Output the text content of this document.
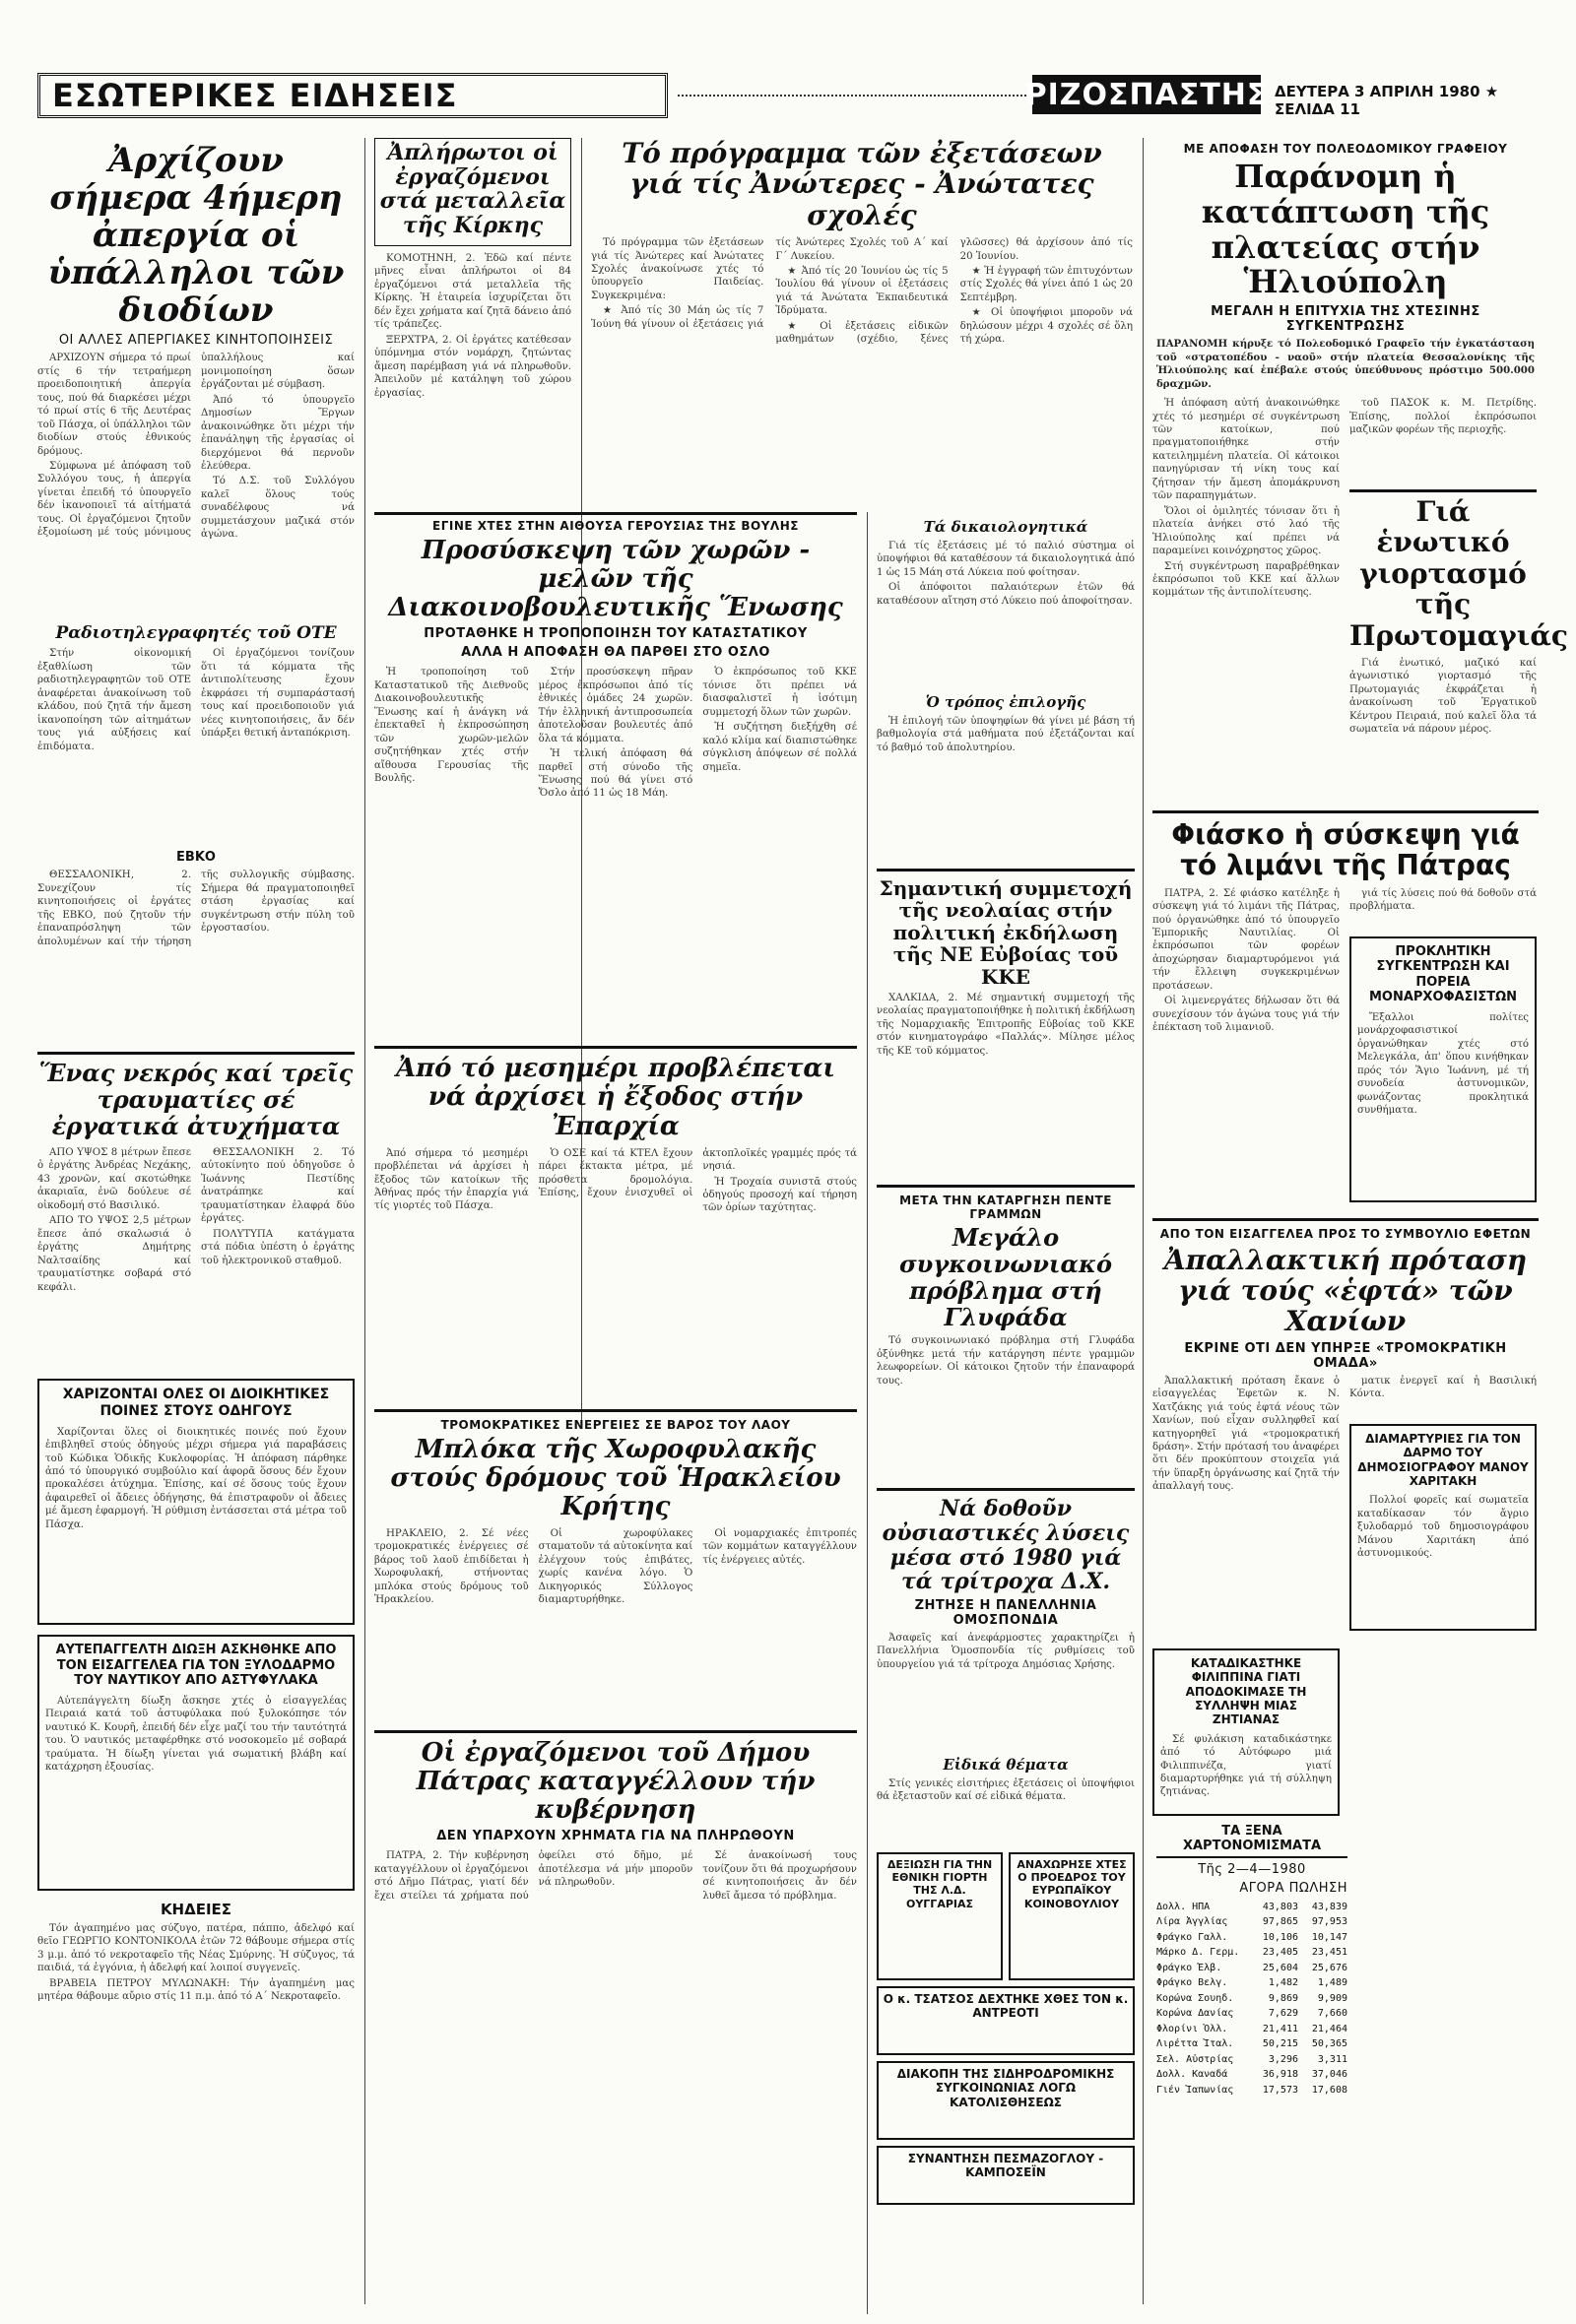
ΕΣΩΤΕΡΙΚΕΣ ΕΙΔΗΣΕΙΣ	ΡΙΖΟΣΠΑΣΤΗΣ ΔΕΥΤΕΡΑ 3 ΑΠΡΙΛΗ 1980 ★ ΣΕΛΙΔΑ 11
Ἀρχίζουν σήμερα 4ήμερη ἀπεργία οἱ ὑπάλληλοι τῶν διοδίων
ΟΙ ΑΛΛΕΣ ΑΠΕΡΓΙΑΚΕΣ ΚΙΝΗΤΟΠΟΙΗΣΕΙΣ

ΑΡΧΙΖΟΥΝ σήμερα τό πρωί στίς 6 τήν τετραήμερη προειδοποιητική ἀπεργία τους, πού θά διαρκέσει μέχρι τό πρωί στίς 6 τῆς Δευτέρας τοῦ Πάσχα, οἱ ὑπάλληλοι τῶν διοδίων στούς ἐθνικούς δρόμους.

Σύμφωνα μέ ἀπόφαση τοῦ Συλλόγου τους, ἡ ἀπεργία γίνεται ἐπειδή τό ὑπουργεῖο δέν ἱκανοποιεῖ τά αἰτήματά τους. Οἱ ἐργαζόμενοι ζητοῦν ἐξομοίωση μέ τούς μόνιμους ὑπαλλήλους καί μονιμοποίηση ὅσων ἐργάζονται μέ σύμβαση.

Ἀπό τό ὑπουργεῖο Δημοσίων Ἔργων ἀνακοινώθηκε ὅτι μέχρι τήν ἐπανάληψη τῆς ἐργασίας οἱ διερχόμενοι θά περνοῦν ἐλεύθερα.

Τό Δ.Σ. τοῦ Συλλόγου καλεῖ ὅλους τούς συναδέλφους νά συμμετάσχουν μαζικά στόν ἀγώνα.

Ραδιοτηλεγραφητές τοῦ ΟΤΕ

Στήν οἰκονομική ἐξαθλίωση τῶν ραδιοτηλεγραφητῶν τοῦ ΟΤΕ ἀναφέρεται ἀνακοίνωση τοῦ κλάδου, πού ζητᾶ τήν ἄμεση ἱκανοποίηση τῶν αἰτημάτων τους γιά αὐξήσεις καί ἐπιδόματα.

Οἱ ἐργαζόμενοι τονίζουν ὅτι τά κόμματα τῆς ἀντιπολίτευσης ἔχουν ἐκφράσει τή συμπαράστασή τους καί προειδοποιοῦν γιά νέες κινητοποιήσεις, ἄν δέν ὑπάρξει θετική ἀνταπόκριση.

ΕΒΚΟ

ΘΕΣΣΑΛΟΝΙΚΗ, 2. Συνεχίζουν τίς κινητοποιήσεις οἱ ἐργάτες τῆς ΕΒΚΟ, πού ζητοῦν τήν ἐπαναπρόσληψη τῶν ἀπολυμένων καί τήν τήρηση τῆς συλλογικῆς σύμβασης. Σήμερα θά πραγματοποιηθεῖ στάση ἐργασίας καί συγκέντρωση στήν πύλη τοῦ ἐργοστασίου.

Ἕνας νεκρός καί τρεῖς τραυματίες σέ ἐργατικά ἀτυχήματα

ΑΠΟ ΥΨΟΣ 8 μέτρων ἔπεσε ὁ ἐργάτης Ἀνδρέας Νεχάκης, 43 χρονῶν, καί σκοτώθηκε ἀκαριαῖα, ἐνῶ δούλευε σέ οἰκοδομή στό Βασιλικό.

ΑΠΟ ΤΟ ΥΨΟΣ 2,5 μέτρων ἔπεσε ἀπό σκαλωσιά ὁ ἐργάτης Δημήτρης Ναλτσαίδης καί τραυματίστηκε σοβαρά στό κεφάλι.

ΘΕΣΣΑΛΟΝΙΚΗ 2. Τό αὐτοκίνητο πού ὁδηγοῦσε ὁ Ἰωάννης Πεστίδης ἀνατράπηκε καί τραυματίστηκαν ἐλαφρά δύο ἐργάτες.

ΠΟΛΥΤΥΠΑ κατάγματα στά πόδια ὑπέστη ὁ ἐργάτης τοῦ ἡλεκτρονικοῦ σταθμοῦ.

ΧΑΡΙΖΟΝΤΑΙ ΟΛΕΣ ΟΙ ΔΙΟΙΚΗΤΙΚΕΣ ΠΟΙΝΕΣ ΣΤΟΥΣ ΟΔΗΓΟΥΣ

Χαρίζονται ὅλες οἱ διοικητικές ποινές πού ἔχουν ἐπιβληθεῖ στούς ὁδηγούς μέχρι σήμερα γιά παραβάσεις τοῦ Κώδικα Ὁδικῆς Κυκλοφορίας. Ἡ ἀπόφαση πάρθηκε ἀπό τό ὑπουργικό συμβούλιο καί ἀφορᾶ ὅσους δέν ἔχουν προκαλέσει ἀτύχημα. Ἐπίσης, καί σέ ὅσους τούς ἔχουν ἀφαιρεθεῖ οἱ ἄδειες ὁδήγησης, θά ἐπιστραφοῦν οἱ ἄδειες μέ ἄμεση ἐφαρμογή. Ἡ ρύθμιση ἐντάσσεται στά μέτρα τοῦ Πάσχα.

ΑΥΤΕΠΑΓΓΕΛΤΗ ΔΙΩΞΗ ΑΣΚΗΘΗΚΕ ΑΠΟ ΤΟΝ ΕΙΣΑΓΓΕΛΕΑ ΓΙΑ ΤΟΝ ΞΥΛΟΔΑΡΜΟ ΤΟΥ ΝΑΥΤΙΚΟΥ ΑΠΟ ΑΣΤΥΦΥΛΑΚΑ

Αὐτεπάγγελτη δίωξη ἄσκησε χτές ὁ εἰσαγγελέας Πειραιά κατά τοῦ ἀστυφύλακα πού ξυλοκόπησε τόν ναυτικό Κ. Κουρῆ, ἐπειδή δέν εἶχε μαζί του τήν ταυτότητά του. Ὁ ναυτικός μεταφέρθηκε στό νοσοκομεῖο μέ σοβαρά τραύματα. Ἡ δίωξη γίνεται γιά σωματική βλάβη καί κατάχρηση ἐξουσίας.

ΚΗΔΕΙΕΣ

Τόν ἀγαπημένο μας σύζυγο, πατέρα, πάππο, ἀδελφό καί θεῖο ΓΕΩΡΓΙΟ ΚΟΝΤΟΝΙΚΟΛΑ ἐτῶν 72 θάβουμε σήμερα στίς 3 μ.μ. ἀπό τό νεκροταφεῖο τῆς Νέας Σμύρνης. Ἡ σύζυγος, τά παιδιά, τά ἐγγόνια, ἡ ἀδελφή καί λοιποί συγγενεῖς.

ΒΡΑΒΕΙΑ ΠΕΤΡΟΥ ΜΥΛΩΝΑΚΗ: Τήν ἀγαπημένη μας μητέρα θάβουμε αὔριο στίς 11 π.μ. ἀπό τό Α΄ Νεκροταφεῖο.

Ἀπλήρωτοι οἱ ἐργαζόμενοι στά μεταλλεῖα τῆς Κίρκης

ΚΟΜΟΤΗΝΗ, 2. Ἐδῶ καί πέντε μῆνες εἶναι ἀπλήρωτοι οἱ 84 ἐργαζόμενοι στά μεταλλεῖα τῆς Κίρκης. Ἡ ἑταιρεία ἰσχυρίζεται ὅτι δέν ἔχει χρήματα καί ζητᾶ δάνειο ἀπό τίς τράπεζες.

ΞΕΡΧΤΡΑ, 2. Οἱ ἐργάτες κατέθεσαν ὑπόμνημα στόν νομάρχη, ζητώντας ἄμεση παρέμβαση γιά νά πληρωθοῦν. Ἀπειλοῦν μέ κατάληψη τοῦ χώρου ἐργασίας.

Τό πρόγραμμα τῶν ἐξετάσεων γιά τίς Ἀνώτερες - Ἀνώτατες σχολές

Τό πρόγραμμα τῶν ἐξετάσεων γιά τίς Ἀνώτερες καί Ἀνώτατες Σχολές ἀνακοίνωσε χτές τό ὑπουργεῖο Παιδείας. Συγκεκριμένα:

★ Ἀπό τίς 30 Μάη ὡς τίς 7 Ἰούνη θά γίνουν οἱ ἐξετάσεις γιά τίς Ἀνώτερες Σχολές τοῦ Α΄ καί Γ΄ Λυκείου.

★ Ἀπό τίς 20 Ἰουνίου ὡς τίς 5 Ἰουλίου θά γίνουν οἱ ἐξετάσεις γιά τά Ἀνώτατα Ἐκπαιδευτικά Ἱδρύματα.

★ Οἱ ἐξετάσεις εἰδικῶν μαθημάτων (σχέδιο, ξένες γλῶσσες) θά ἀρχίσουν ἀπό τίς 20 Ἰουνίου.

★ Ἡ ἐγγραφή τῶν ἐπιτυχόντων στίς Σχολές θά γίνει ἀπό 1 ὡς 20 Σεπτέμβρη.

★ Οἱ ὑποψήφιοι μποροῦν νά δηλώσουν μέχρι 4 σχολές σέ ὅλη τή χώρα.

ΜΕ ΑΠΟΦΑΣΗ ΤΟΥ ΠΟΛΕΟΔΟΜΙΚΟΥ ΓΡΑΦΕΙΟΥ
Παράνομη ἡ κατάπτωση τῆς πλατείας στήν Ἡλιούπολη
ΜΕΓΑΛΗ Η ΕΠΙΤΥΧΙΑ ΤΗΣ ΧΤΕΣΙΝΗΣ ΣΥΓΚΕΝΤΡΩΣΗΣ
ΠΑΡΑΝΟΜΗ κήρυξε τό Πολεοδομικό Γραφεῖο τήν ἐγκατάσταση τοῦ «στρατοπέδου - ναοῦ» στήν πλατεία Θεσσαλονίκης τῆς Ἡλιούπολης καί ἐπέβαλε στούς ὑπεύθυνους πρόστιμο 500.000 δραχμῶν.

Ἡ ἀπόφαση αὐτή ἀνακοινώθηκε χτές τό μεσημέρι σέ συγκέντρωση τῶν κατοίκων, πού πραγματοποιήθηκε στήν κατειλημμένη πλατεία. Οἱ κάτοικοι πανηγύρισαν τή νίκη τους καί ζήτησαν τήν ἄμεση ἀπομάκρυνση τῶν παραπηγμάτων.

Ὅλοι οἱ ὁμιλητές τόνισαν ὅτι ἡ πλατεία ἀνήκει στό λαό τῆς Ἡλιούπολης καί πρέπει νά παραμείνει κοινόχρηστος χῶρος.

Στή συγκέντρωση παραβρέθηκαν ἐκπρόσωποι τοῦ ΚΚΕ καί ἄλλων κομμάτων τῆς ἀντιπολίτευσης.

τοῦ ΠΑΣΟΚ κ. Μ. Πετρίδης. Ἐπίσης, πολλοί ἐκπρόσωποι μαζικῶν φορέων τῆς περιοχῆς.

Γιά ἑνωτικό γιορτασμό τῆς Πρωτομαγιάς

Γιά ἑνωτικό, μαζικό καί ἀγωνιστικό γιορτασμό τῆς Πρωτομαγιάς ἐκφράζεται ἡ ἀνακοίνωση τοῦ Ἐργατικοῦ Κέντρου Πειραιά, πού καλεῖ ὅλα τά σωματεῖα νά πάρουν μέρος.

Φιάσκο ἡ σύσκεψη γιά τό λιμάνι τῆς Πάτρας

ΠΑΤΡΑ, 2. Σέ φιάσκο κατέληξε ἡ σύσκεψη γιά τό λιμάνι τῆς Πάτρας, πού ὀργανώθηκε ἀπό τό ὑπουργεῖο Ἐμπορικῆς Ναυτιλίας. Οἱ ἐκπρόσωποι τῶν φορέων ἀποχώρησαν διαμαρτυρόμενοι γιά τήν ἔλλειψη συγκεκριμένων προτάσεων.

Οἱ λιμενεργάτες δήλωσαν ὅτι θά συνεχίσουν τόν ἀγώνα τους γιά τήν ἐπέκταση τοῦ λιμανιοῦ.

γιά τίς λύσεις πού θά δοθοῦν στά προβλήματα.

ΠΡΟΚΛΗΤΙΚΗ ΣΥΓΚΕΝΤΡΩΣΗ ΚΑΙ ΠΟΡΕΙΑ ΜΟΝΑΡΧΟΦΑΣΙΣΤΩΝ

Ἔξαλλοι πολίτες μονάρχοφασιστικοί ὀργανώθηκαν χτές στό Μελεγκάλα, ἀπ' ὅπου κινήθηκαν πρός τόν Ἅγιο Ἰωάννη, μέ τή συνοδεία ἀστυνομικῶν, φωνάζοντας προκλητικά συνθήματα.

ΑΠΟ ΤΟΝ ΕΙΣΑΓΓΕΛΕΑ ΠΡΟΣ ΤΟ ΣΥΜΒΟΥΛΙΟ ΕΦΕΤΩΝ
Ἀπαλλακτική πρόταση γιά τούς «ἑφτά» τῶν Χανίων
ΕΚΡΙΝΕ ΟΤΙ ΔΕΝ ΥΠΗΡΞΕ «ΤΡΟΜΟΚΡΑΤΙΚΗ ΟΜΑΔΑ»

Ἀπαλλακτική πρόταση ἔκανε ὁ εἰσαγγελέας Ἐφετῶν κ. Ν. Χατζάκης γιά τούς ἑφτά νέους τῶν Χανίων, πού εἶχαν συλληφθεῖ καί κατηγορηθεῖ γιά «τρομοκρατική δράση». Στήν πρότασή του ἀναφέρει ὅτι δέν προκύπτουν στοιχεῖα γιά τήν ὕπαρξη ὀργάνωσης καί ζητᾶ τήν ἀπαλλαγή τους.

ματικ ἐνεργεῖ καί ἡ Βασιλική Κόντα.

ΔΙΑΜΑΡΤΥΡΙΕΣ ΓΙΑ ΤΟΝ ΔΑΡΜΟ ΤΟΥ ΔΗΜΟΣΙΟΓΡΑΦΟΥ ΜΑΝΟΥ ΧΑΡΙΤΑΚΗ

Πολλοί φορεῖς καί σωματεῖα καταδίκασαν τόν ἄγριο ξυλοδαρμό τοῦ δημοσιογράφου Μάνου Χαριτάκη ἀπό ἀστυνομικούς.

ΚΑΤΑΔΙΚΑΣΤΗΚΕ ΦΙΛΙΠΠΙΝΑ ΓΙΑΤΙ ΑΠΟΔΟΚΙΜΑΣΕ ΤΗ ΣΥΛΛΗΨΗ ΜΙΑΣ ΖΗΤΙΑΝΑΣ

Σέ φυλάκιση καταδικάστηκε ἀπό τό Αὐτόφωρο μιά Φιλιππινέζα, γιατί διαμαρτυρήθηκε γιά τή σύλληψη ζητιάνας.

ΤΑ ΞΕΝΑ ΧΑΡΤΟΝΟΜΙΣΜΑΤΑ
Τῆς 2—4—1980
ΑΓΟΡΑ ΠΩΛΗΣΗ
Δολλ. ΗΠΑ	43,803	43,839
Λίρα Ἀγγλίας	97,865	97,953
Φράγκο Γαλλ.	10,106	10,147
Μάρκο Δ. Γερμ.	23,405	23,451
Φράγκο Ἑλβ.	25,604	25,676
Φράγκο Βελγ.	1,482	1,489
Κορώνα Σουηδ.	9,869	9,909
Κορώνα Δανίας	7,629	7,660
Φλορίνι Ὁλλ.	21,411	21,464
Λιρέττα Ἰταλ.	50,215	50,365
Σελ. Αὐστρίας	3,296	3,311
Δολλ. Καναδά	36,918	37,046
Γιέν Ἰαπωνίας	17,573	17,608
ΕΓΙΝΕ ΧΤΕΣ ΣΤΗΝ ΑΙΘΟΥΣΑ ΓΕΡΟΥΣΙΑΣ ΤΗΣ ΒΟΥΛΗΣ
Προσύσκεψη τῶν χωρῶν - μελῶν τῆς Διακοινοβουλευτικῆς Ἕνωσης
ΠΡΟΤΑΘΗΚΕ Η ΤΡΟΠΟΠΟΙΗΣΗ ΤΟΥ ΚΑΤΑΣΤΑΤΙΚΟΥ
ΑΛΛΑ Η ΑΠΟΦΑΣΗ ΘΑ ΠΑΡΘΕΙ ΣΤΟ ΟΣΛΟ

Ἡ τροποποίηση τοῦ Καταστατικοῦ τῆς Διεθνοῦς Διακοινοβουλευτικῆς Ἕνωσης καί ἡ ἀνάγκη νά ἐπεκταθεῖ ἡ ἐκπροσώπηση τῶν χωρῶν-μελῶν συζητήθηκαν χτές στήν αἴθουσα Γερουσίας τῆς Βουλῆς.

Στήν προσύσκεψη πῆραν μέρος ἐκπρόσωποι ἀπό τίς ἐθνικές ὁμάδες 24 χωρῶν. Τήν ἑλληνική ἀντιπροσωπεία ἀποτελοῦσαν βουλευτές ἀπό ὅλα τά κόμματα.

Ἡ τελική ἀπόφαση θά παρθεῖ στή σύνοδο τῆς Ἕνωσης πού θά γίνει στό Ὄσλο ἀπό 11 ὡς 18 Μάη.

Ὁ ἐκπρόσωπος τοῦ ΚΚΕ τόνισε ὅτι πρέπει νά διασφαλιστεῖ ἡ ἰσότιμη συμμετοχή ὅλων τῶν χωρῶν.

Ἡ συζήτηση διεξήχθη σέ καλό κλίμα καί διαπιστώθηκε σύγκλιση ἀπόψεων σέ πολλά σημεῖα.

Ἀπό τό μεσημέρι προβλέπεται νά ἀρχίσει ἡ ἔξοδος στήν Ἐπαρχία

Ἀπό σήμερα τό μεσημέρι προβλέπεται νά ἀρχίσει ἡ ἔξοδος τῶν κατοίκων τῆς Ἀθήνας πρός τήν ἐπαρχία γιά τίς γιορτές τοῦ Πάσχα.

Ὁ ΟΣΕ καί τά ΚΤΕΛ ἔχουν πάρει ἔκτακτα μέτρα, μέ πρόσθετα δρομολόγια. Ἐπίσης, ἔχουν ἐνισχυθεῖ οἱ ἀκτοπλοϊκές γραμμές πρός τά νησιά.

Ἡ Τροχαία συνιστᾶ στούς ὁδηγούς προσοχή καί τήρηση τῶν ὁρίων ταχύτητας.

ΤΡΟΜΟΚΡΑΤΙΚΕΣ ΕΝΕΡΓΕΙΕΣ ΣΕ ΒΑΡΟΣ ΤΟΥ ΛΑΟΥ
Μπλόκα τῆς Χωροφυλακῆς στούς δρόμους τοῦ Ἡρακλείου Κρήτης

ΗΡΑΚΛΕΙΟ, 2. Σέ νέες τρομοκρατικές ἐνέργειες σέ βάρος τοῦ λαοῦ ἐπιδίδεται ἡ Χωροφυλακή, στήνοντας μπλόκα στούς δρόμους τοῦ Ἡρακλείου.

Οἱ χωροφύλακες σταματοῦν τά αὐτοκίνητα καί ἐλέγχουν τούς ἐπιβάτες, χωρίς κανένα λόγο. Ὁ Δικηγορικός Σύλλογος διαμαρτυρήθηκε.

Οἱ νομαρχιακές ἐπιτροπές τῶν κομμάτων καταγγέλλουν τίς ἐνέργειες αὐτές.

Οἱ ἐργαζόμενοι τοῦ Δήμου Πάτρας καταγγέλλουν τήν κυβέρνηση
ΔΕΝ ΥΠΑΡΧΟΥΝ ΧΡΗΜΑΤΑ ΓΙΑ ΝΑ ΠΛΗΡΩΘΟΥΝ

ΠΑΤΡΑ, 2. Τήν κυβέρνηση καταγγέλλουν οἱ ἐργαζόμενοι στό Δῆμο Πάτρας, γιατί δέν ἔχει στείλει τά χρήματα πού ὀφείλει στό δῆμο, μέ ἀποτέλεσμα νά μήν μποροῦν νά πληρωθοῦν.

Σέ ἀνακοίνωσή τους τονίζουν ὅτι θά προχωρήσουν σέ κινητοποιήσεις ἄν δέν λυθεῖ ἄμεσα τό πρόβλημα.

Τά δικαιολογητικά

Γιά τίς ἐξετάσεις μέ τό παλιό σύστημα οἱ ὑποψήφιοι θά καταθέσουν τά δικαιολογητικά ἀπό 1 ὡς 15 Μάη στά Λύκεια πού φοίτησαν.

Οἱ ἀπόφοιτοι παλαιότερων ἐτῶν θά καταθέσουν αἴτηση στό Λύκειο πού ἀποφοίτησαν.

Ὁ τρόπος ἐπιλογῆς

Ἡ ἐπιλογή τῶν ὑποψηφίων θά γίνει μέ βάση τή βαθμολογία στά μαθήματα πού ἐξετάζονται καί τό βαθμό τοῦ ἀπολυτηρίου.

Σημαντική συμμετοχή τῆς νεολαίας στήν πολιτική ἐκδήλωση τῆς ΝΕ Εὐβοίας τοῦ ΚΚΕ

ΧΑΛΚΙΔΑ, 2. Μέ σημαντική συμμετοχή τῆς νεολαίας πραγματοποιήθηκε ἡ πολιτική ἐκδήλωση τῆς Νομαρχιακῆς Ἐπιτροπῆς Εὐβοίας τοῦ ΚΚΕ στόν κινηματογράφο «Παλλάς». Μίλησε μέλος τῆς ΚΕ τοῦ κόμματος.

ΜΕΤΑ ΤΗΝ ΚΑΤΑΡΓΗΣΗ ΠΕΝΤΕ ΓΡΑΜΜΩΝ
Μεγάλο συγκοινωνιακό πρόβλημα στή Γλυφάδα

Τό συγκοινωνιακό πρόβλημα στή Γλυφάδα ὀξύνθηκε μετά τήν κατάργηση πέντε γραμμῶν λεωφορείων. Οἱ κάτοικοι ζητοῦν τήν ἐπαναφορά τους.

Νά δοθοῦν οὐσιαστικές λύσεις μέσα στό 1980 γιά τά τρίτροχα Δ.Χ.
ΖΗΤΗΣΕ Η ΠΑΝΕΛΛΗΝΙΑ ΟΜΟΣΠΟΝΔΙΑ

Ἀσαφεῖς καί ἀνεφάρμοστες χαρακτηρίζει ἡ Πανελλήνια Ὁμοσπονδία τίς ρυθμίσεις τοῦ ὑπουργείου γιά τά τρίτροχα Δημόσιας Χρήσης.

Εἰδικά θέματα

Στίς γενικές εἰσιτήριες ἐξετάσεις οἱ ὑποψήφιοι θά ἐξεταστοῦν καί σέ εἰδικά θέματα.

ΔΕΞΙΩΣΗ ΓΙΑ ΤΗΝ ΕΘΝΙΚΗ ΓΙΟΡΤΗ ΤΗΣ Λ.Δ. ΟΥΓΓΑΡΙΑΣ
ΑΝΑΧΩΡΗΣΕ ΧΤΕΣ Ο ΠΡΟΕΔΡΟΣ ΤΟΥ ΕΥΡΩΠΑΪΚΟΥ ΚΟΙΝΟΒΟΥΛΙΟΥ
Ο κ. ΤΣΑΤΣΟΣ ΔΕΧΤΗΚΕ ΧΘΕΣ ΤΟΝ κ. ΑΝΤΡΕΟΤΙ
ΔΙΑΚΟΠΗ ΤΗΣ ΣΙΔΗΡΟΔΡΟΜΙΚΗΣ ΣΥΓΚΟΙΝΩΝΙΑΣ ΛΟΓΩ ΚΑΤΟΛΙΣΘΗΣΕΩΣ
ΣΥΝΑΝΤΗΣΗ ΠΕΣΜΑΖΟΓΛΟΥ - ΚΑΜΠΟΣΕΪΝ
